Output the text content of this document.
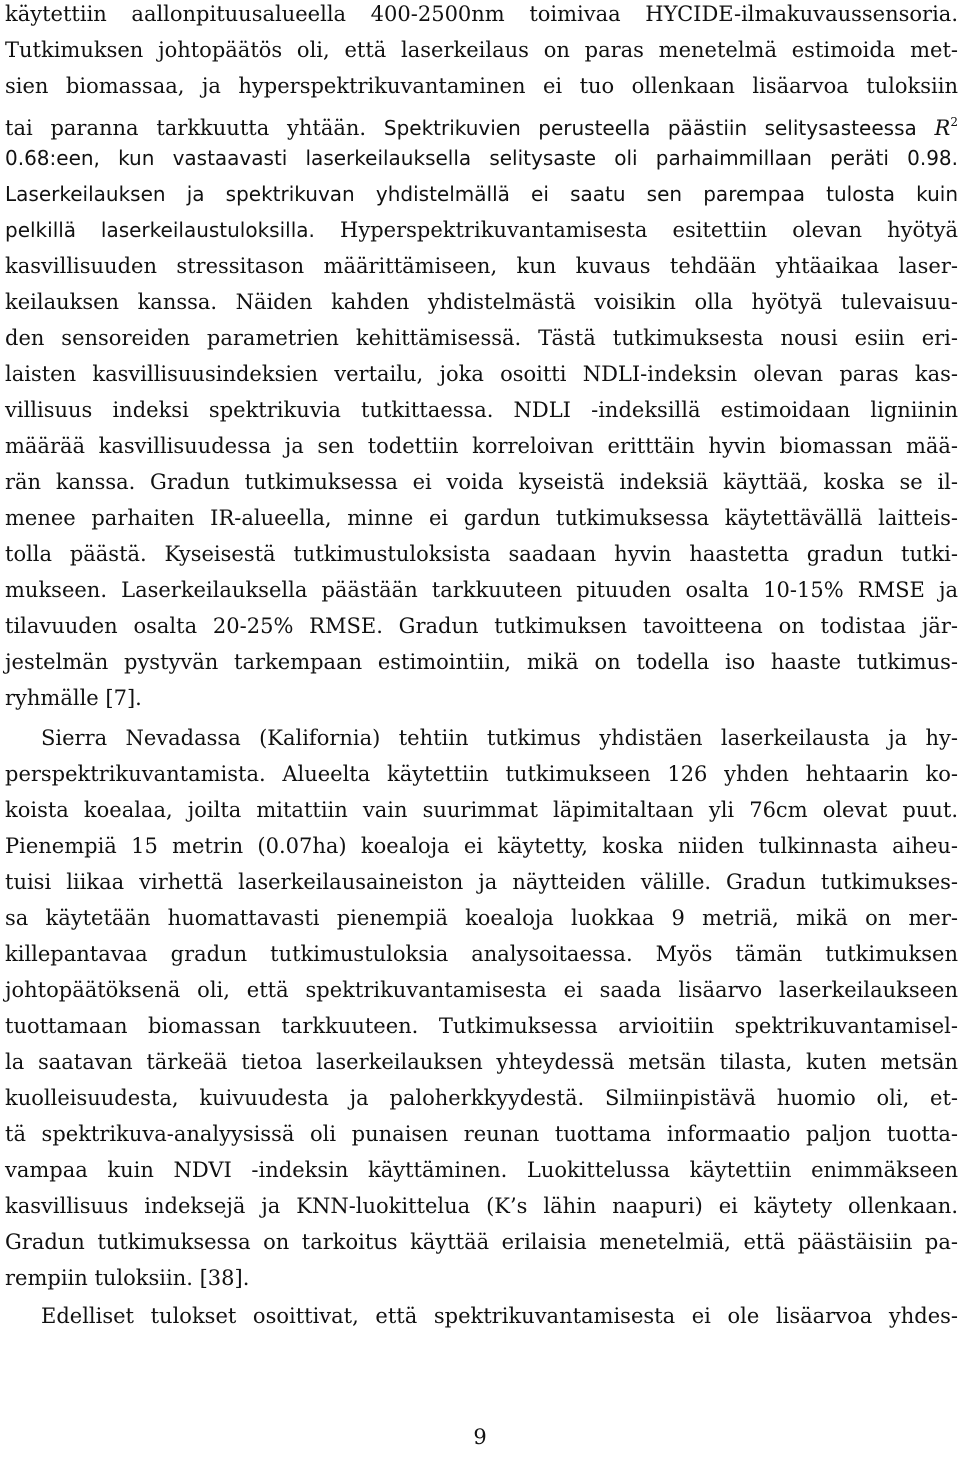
käytettiin aallonpituusalueella 400-2500nm toimivaa HYCIDE-ilmakuvaussensoria.
Tutkimuksen johtopäätös oli, että laserkeilaus on paras menetelmä estimoida met-
sien biomassaa, ja hyperspektrikuvantaminen ei tuo ollenkaan lisäarvoa tuloksiin
tai paranna tarkkuutta yhtään. Spektrikuvien perusteella päästiin selitysasteessa $R^2$
0.68:een, kun vastaavasti laserkeilauksella selitysaste oli parhaimmillaan peräti 0.98.
Laserkeilauksen ja spektrikuvan yhdistelmällä ei saatu sen parempaa tulosta kuin
pelkillä laserkeilaustuloksilla. Hyperspektrikuvantamisesta esitettiin olevan hyötyä
kasvillisuuden stressitason määrittämiseen, kun kuvaus tehdään yhtäaikaa laser-
keilauksen kanssa. Näiden kahden yhdistelmästä voisikin olla hyötyä tulevaisuu-
den sensoreiden parametrien kehittämisessä. Tästä tutkimuksesta nousi esiin eri-
laisten kasvillisuusindeksien vertailu, joka osoitti NDLI-indeksin olevan paras kas-
villisuus indeksi spektrikuvia tutkittaessa. NDLI -indeksillä estimoidaan ligniinin
määrää kasvillisuudessa ja sen todettiin korreloivan eritttäin hyvin biomassan mää-
rän kanssa. Gradun tutkimuksessa ei voida kyseistä indeksiä käyttää, koska se il-
menee parhaiten IR-alueella, minne ei gardun tutkimuksessa käytettävällä laitteis-
tolla päästä. Kyseisestä tutkimustuloksista saadaan hyvin haastetta gradun tutki-
mukseen. Laserkeilauksella päästään tarkkuuteen pituuden osalta 10-15% RMSE ja
tilavuuden osalta 20-25% RMSE. Gradun tutkimuksen tavoitteena on todistaa jär-
jestelmän pystyvän tarkempaan estimointiin, mikä on todella iso haaste tutkimus-
ryhmälle [7].
Sierra Nevadassa (Kalifornia) tehtiin tutkimus yhdistäen laserkeilausta ja hy-
perspektrikuvantamista. Alueelta käytettiin tutkimukseen 126 yhden hehtaarin ko-
koista koealaa, joilta mitattiin vain suurimmat läpimitaltaan yli 76cm olevat puut.
Pienempiä 15 metrin (0.07ha) koealoja ei käytetty, koska niiden tulkinnasta aiheu-
tuisi liikaa virhettä laserkeilausaineiston ja näytteiden välille. Gradun tutkimukses-
sa käytetään huomattavasti pienempiä koealoja luokkaa 9 metriä, mikä on mer-
killepantavaa gradun tutkimustuloksia analysoitaessa. Myös tämän tutkimuksen
johtopäätöksenä oli, että spektrikuvantamisesta ei saada lisäarvo laserkeilaukseen
tuottamaan biomassan tarkkuuteen. Tutkimuksessa arvioitiin spektrikuvantamisel-
la saatavan tärkeää tietoa laserkeilauksen yhteydessä metsän tilasta, kuten metsän
kuolleisuudesta, kuivuudesta ja paloherkkyydestä. Silmiinpistävä huomio oli, et-
tä spektrikuva-analyysissä oli punaisen reunan tuottama informaatio paljon tuotta-
vampaa kuin NDVI -indeksin käyttäminen. Luokittelussa käytettiin enimmäkseen
kasvillisuus indeksejä ja KNN-luokittelua (K’s lähin naapuri) ei käytety ollenkaan.
Gradun tutkimuksessa on tarkoitus käyttää erilaisia menetelmiä, että päästäisiin pa-
rempiin tuloksiin. [38].
Edelliset tulokset osoittivat, että spektrikuvantamisesta ei ole lisäarvoa yhdes-
9
